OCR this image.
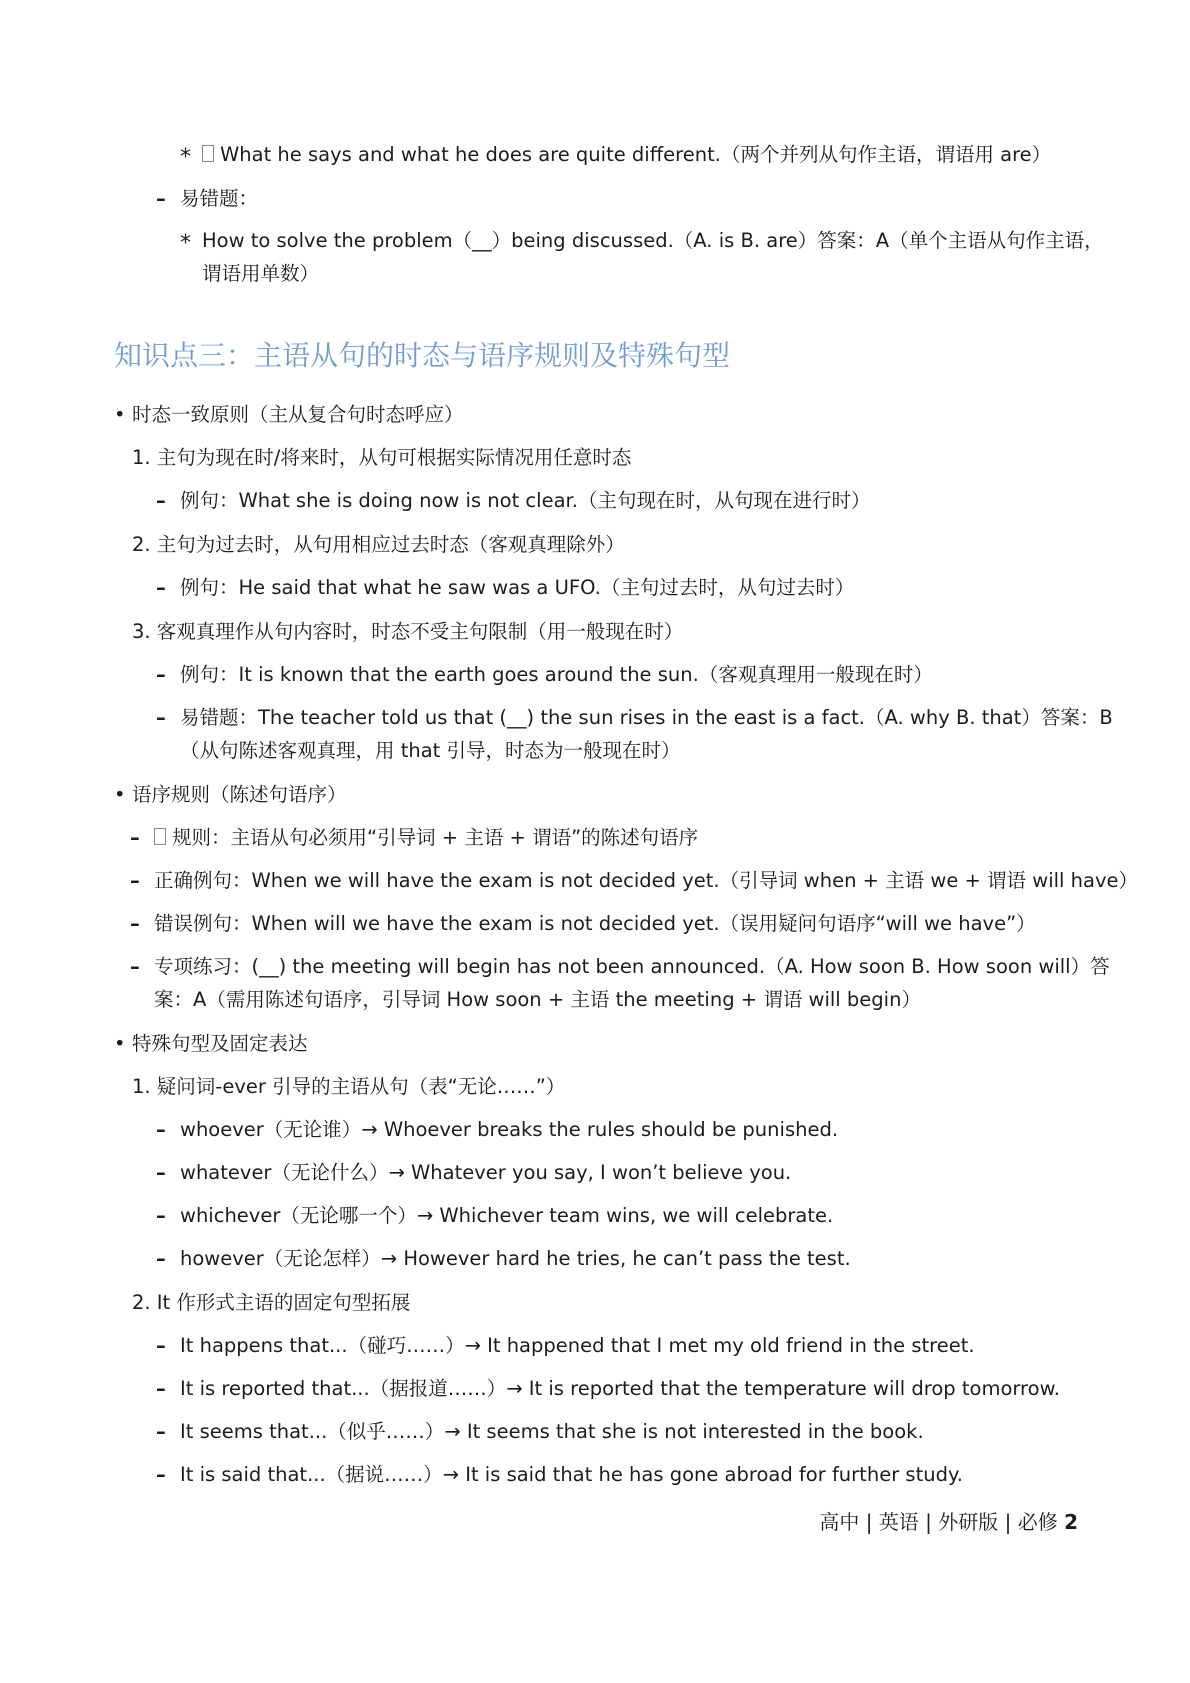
*	What he says and what he does are quite different.（两个并列从句作主语，谓语用 are）
– 易错题：
* How to solve the problem（__）being discussed.（A. is B. are）答案：A（单个主语从句作主语，
谓语用单数）
知识点三：主语从句的时态与语序规则及特殊句型
• 时态一致原则（主从复合句时态呼应）
1. 主句为现在时/将来时，从句可根据实际情况用任意时态
– 例句：What she is doing now is not clear.（主句现在时，从句现在进行时）
2. 主句为过去时，从句用相应过去时态（客观真理除外）
– 例句：He said that what he saw was a UFO.（主句过去时，从句过去时）
3. 客观真理作从句内容时，时态不受主句限制（用一般现在时）
– 例句：It is known that the earth goes around the sun.（客观真理用一般现在时）
– 易错题：The teacher told us that (__) the sun rises in the east is a fact.（A. why B. that）答案：B
（从句陈述客观真理，用 that 引导，时态为一般现在时）
• 语序规则（陈述句语序）
–	规则：主语从句必须用“引导词 + 主语 + 谓语”的陈述句语序
– 正确例句：When we will have the exam is not decided yet.（引导词 when + 主语 we + 谓语 will have）
– 错误例句：When will we have the exam is not decided yet.（误用疑问句语序“will we have”）
– 专项练习：(__) the meeting will begin has not been announced.（A. How soon B. How soon will）答
案：A（需用陈述句语序，引导词 How soon + 主语 the meeting + 谓语 will begin）
• 特殊句型及固定表达
1. 疑问词-ever 引导的主语从句（表“无论……”）
– whoever（无论谁）→ Whoever breaks the rules should be punished.
– whatever（无论什么）→ Whatever you say, I won’t believe you.
– whichever（无论哪一个）→ Whichever team wins, we will celebrate.
– however（无论怎样）→ However hard he tries, he can’t pass the test.
2. It 作形式主语的固定句型拓展
– It happens that...（碰巧……）→ It happened that I met my old friend in the street.
– It is reported that...（据报道……）→ It is reported that the temperature will drop tomorrow.
– It seems that...（似乎……）→ It seems that she is not interested in the book.
– It is said that...（据说……）→ It is said that he has gone abroad for further study.
高中 | 英语 | 外研版 | 必修 2
